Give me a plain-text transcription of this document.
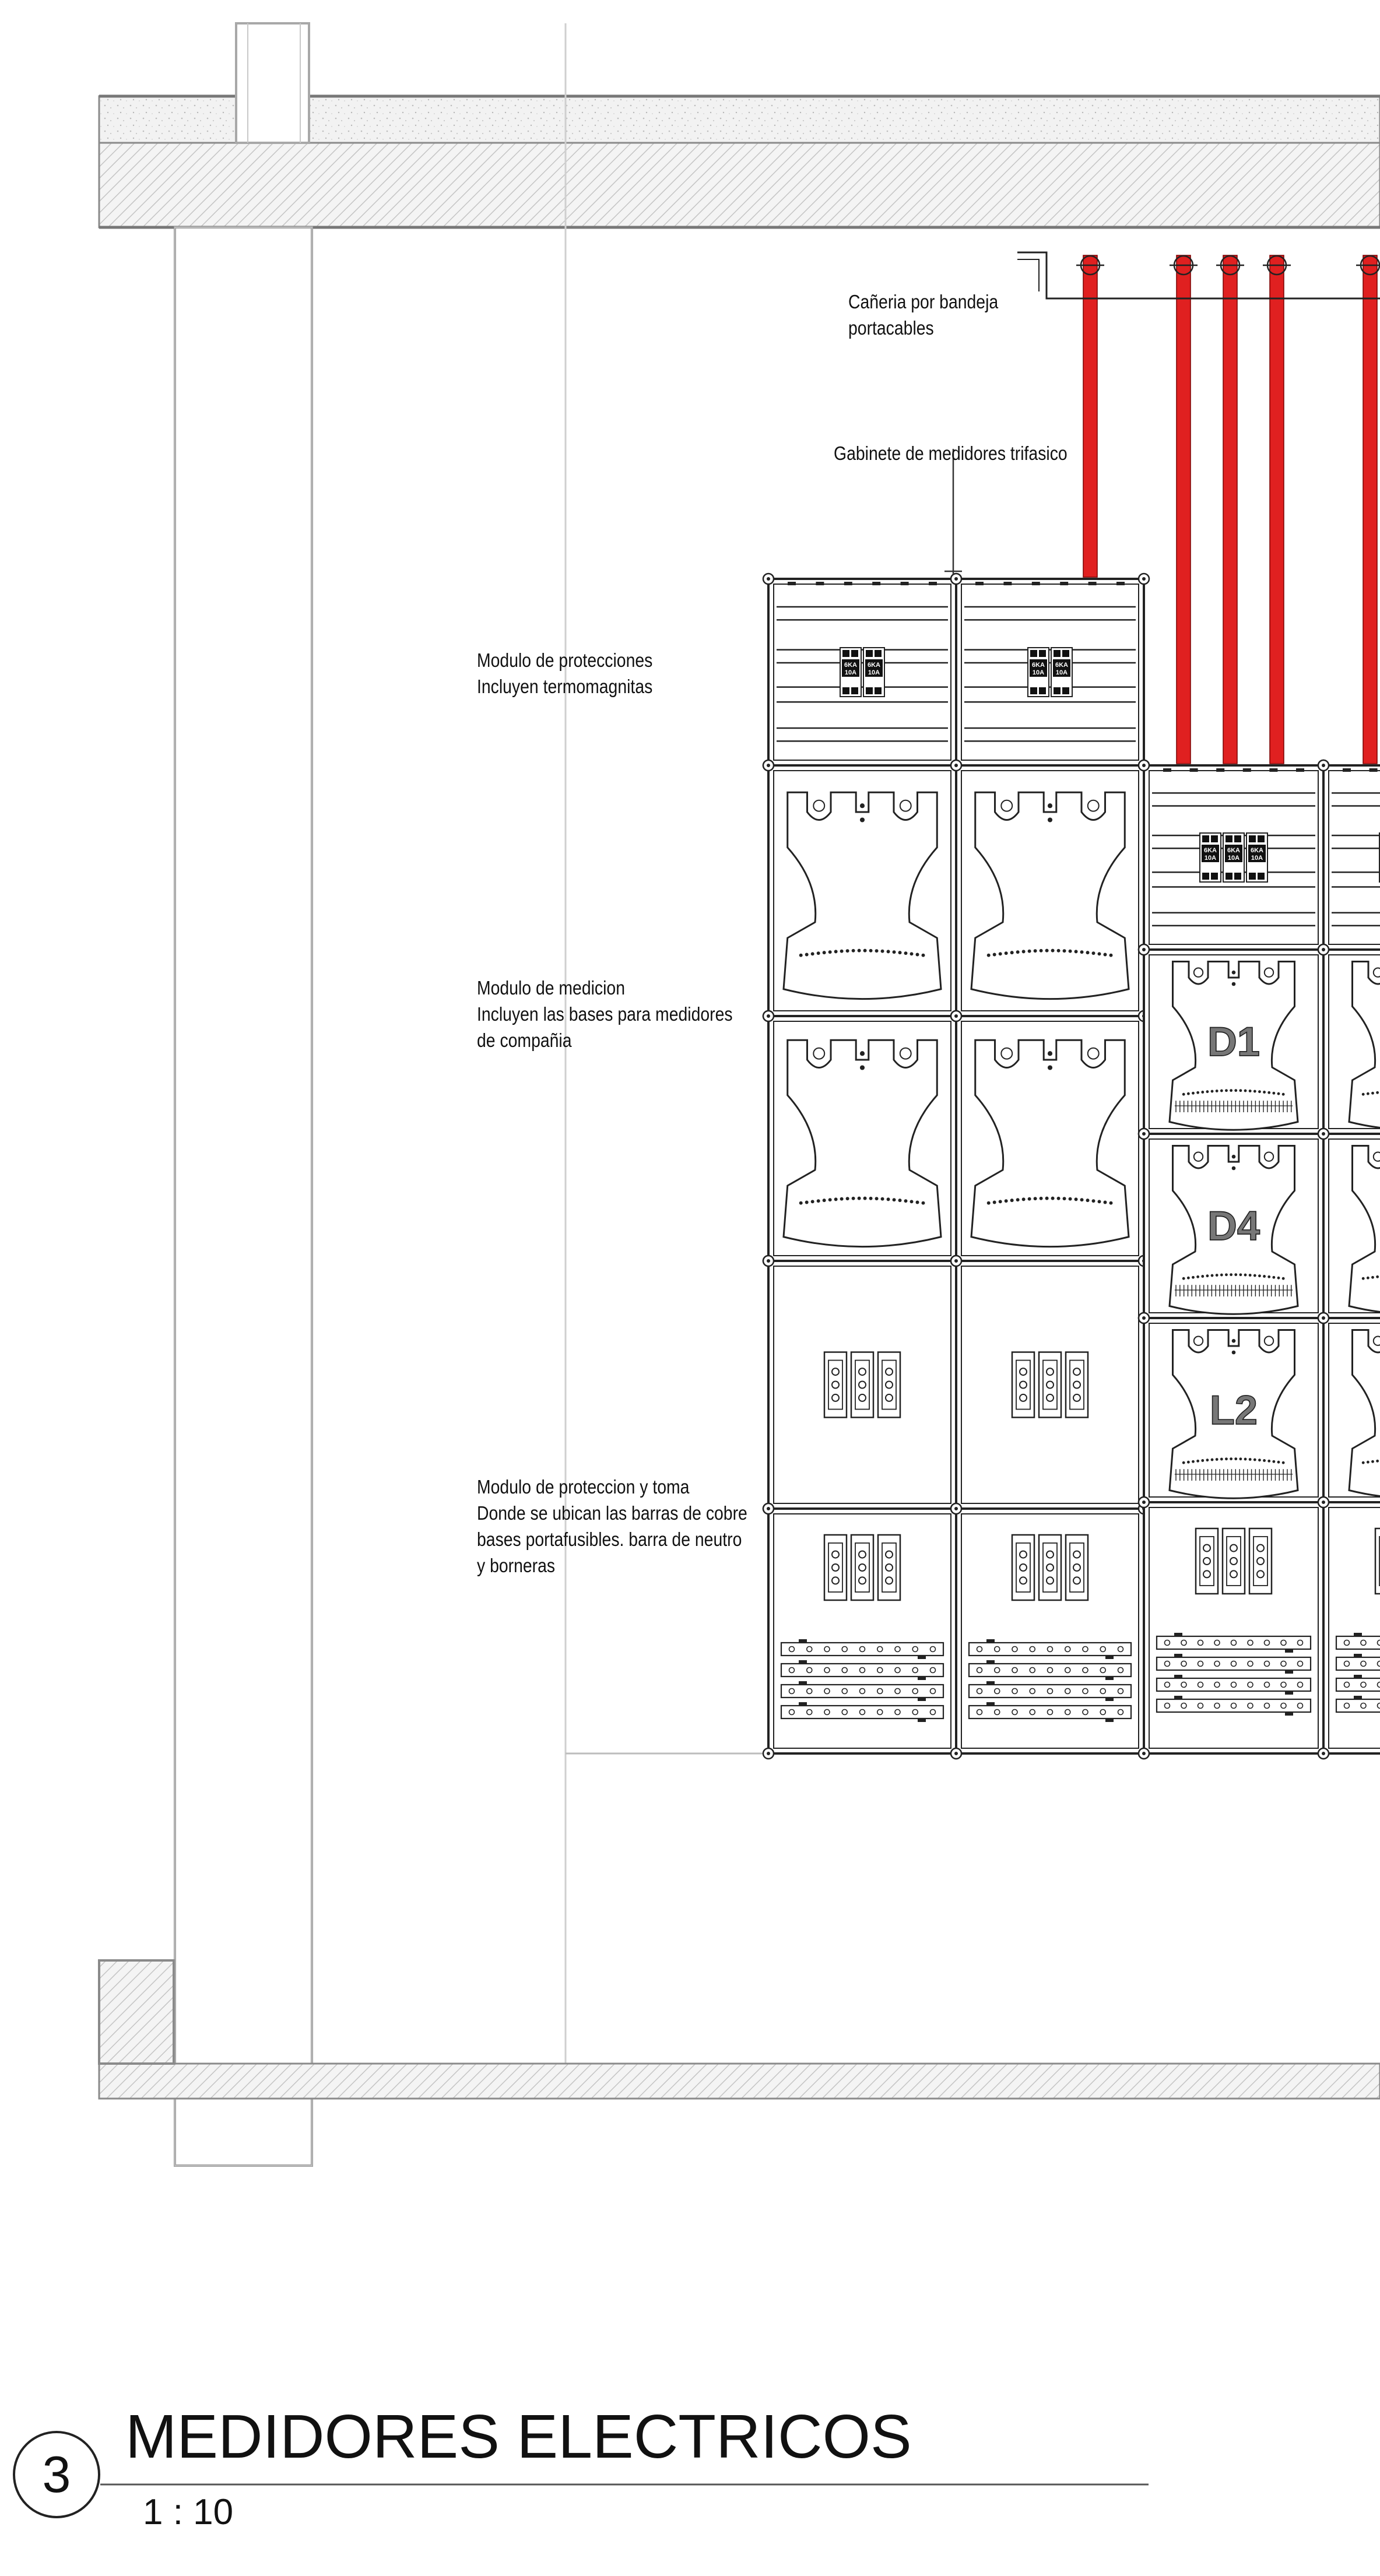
6KA
10A
6KA
10A
6KA
10A
6KA
10A
6KA
10A
6KA
10A
6KA
10A
D1
D4
L2
Cañeria por bandeja
portacables
Gabinete de medidores trifasico
Modulo de protecciones
Incluyen termomagnitas
Modulo de medicion
Incluyen las bases para medidores
de compañia
Modulo de proteccion y toma
Donde se ubican las barras de cobre
bases portafusibles. barra de neutro
y borneras
3
MEDIDORES ELECTRICOS
1 : 10
